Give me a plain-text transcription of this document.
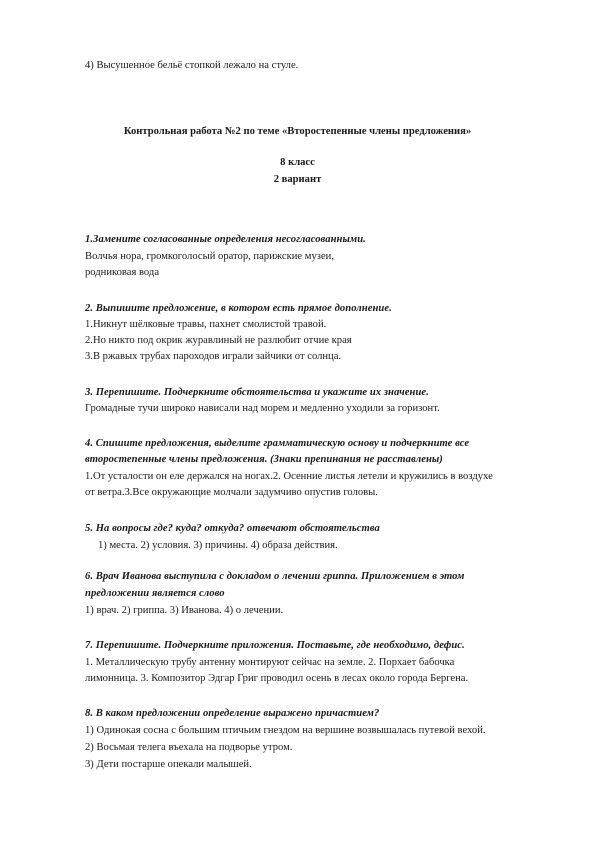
4) Высушенное бельё стопкой лежало на стуле.
Контрольная работа №2 по теме «Второстепенные члены предложения»
8 класс
2 вариант
1.Замените согласованные определения несогласованными.
Волчья нора, громкоголосый оратор, парижские музеи,
родниковая вода
2. Выпишите предложение, в котором есть прямое дополнение.
1.Никнут шёлковые травы, пахнет смолистой травой.
2.Но никто под окрик журавлиный не разлюбит отчие края
3.В ржавых трубах пароходов играли зайчики от солнца.
3. Перепишите. Подчеркните обстоятельства и укажите их значение.
Громадные тучи широко нависали над морем и медленно уходили за горизонт.
4. Спишите предложения, выделите грамматическую основу и подчеркните все
второстепенные члены предложения. (Знаки препинания не расставлены)
1.От усталости он еле держался на ногах.2. Осенние листья летели и кружились в воздухе
от ветра.3.Все окружающие молчали задумчиво опустив головы.
5. На вопросы где? куда? откуда? отвечают обстоятельства
1) места. 2) условия. 3) причины. 4) образа действия.
6. Врач Иванова выступила с докладом о лечении гриппа. Приложением в этом
предложении является слово
1) врач. 2) гриппа. 3) Иванова. 4) о лечении.
7. Перепишите. Подчеркните приложения. Поставьте, где необходимо, дефис.
1. Металлическую трубу антенну монтируют сейчас на земле. 2. Порхает бабочка
лимонница. 3. Композитор Эдгар Григ проводил осень в лесах около города Бергена.
8. В каком предложении определение выражено причастием?
1) Одинокая сосна с большим птичьим гнездом на вершине возвышалась путевой вехой.
2) Восьмая телега въехала на подворье утром.
3) Дети постарше опекали малышей.
